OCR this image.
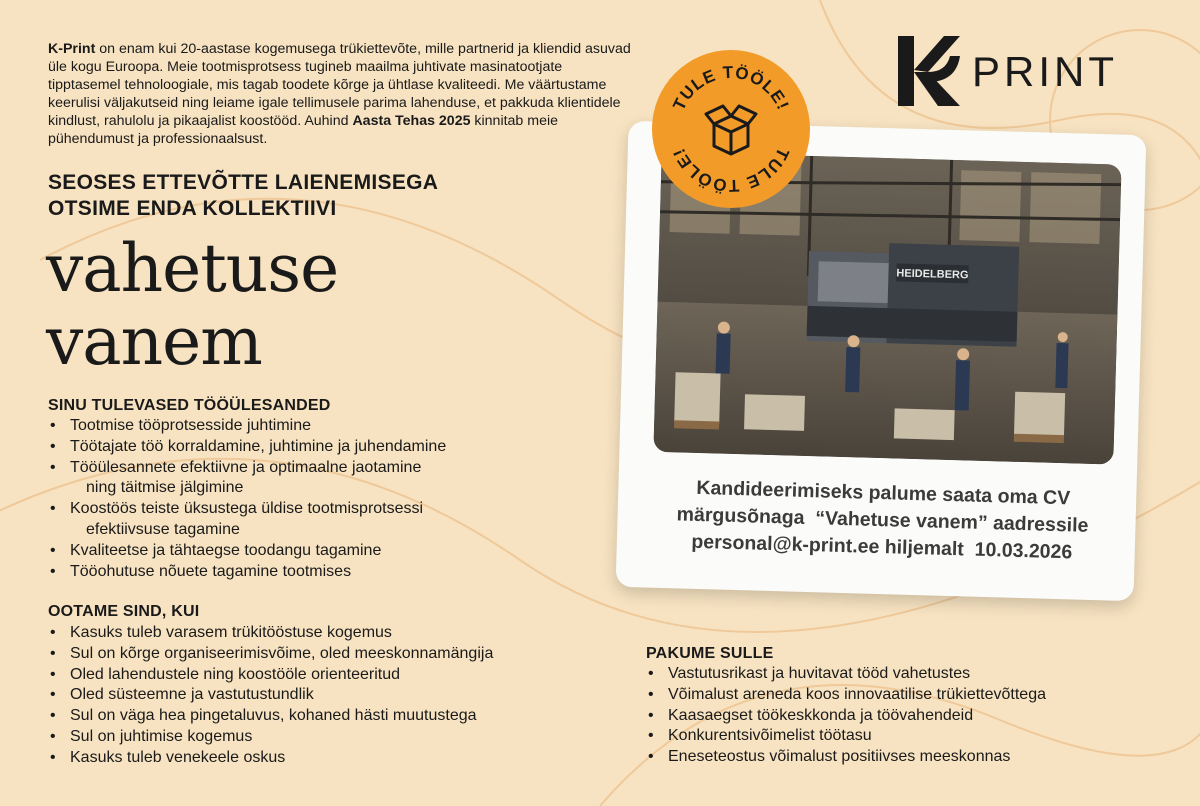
K-Print on enam kui 20-aastase kogemusega trükiettevõte, mille partnerid ja kliendid asuvad üle kogu Euroopa. Meie tootmisprotsess tugineb maailma juhtivate masinatootjate tipptasemel tehnoloogiale, mis tagab toodete kõrge ja ühtlase kvaliteedi. Me väärtustame keerulisi väljakutseid ning leiame igale tellimusele parima lahenduse, et pakkuda klientidele kindlust, rahulolu ja pikaajalist koostööd. Auhind Aasta Tehas 2025 kinnitab meie pühendumust ja professionaalsust.

SEOSES ETTEVÕTTE LAIENEMISEGA
OTSIME ENDA KOLLEKTIIVI
vahetuse
vanem
SINU TULEVASED TÖÖÜLESANDED
• Tootmise tööprotsesside juhtimine
• Töötajate töö korraldamine, juhtimine ja juhendamine
• Tööülesannete efektiivne ja optimaalne jaotamine
ning täitmise jälgimine
• Koostöös teiste üksustega üldise tootmisprotsessi
efektiivsuse tagamine
• Kvaliteetse ja tähtaegse toodangu tagamine
• Tööohutuse nõuete tagamine tootmises
OOTAME SIND, KUI
• Kasuks tuleb varasem trükitööstuse kogemus
• Sul on kõrge organiseerimisvõime, oled meeskonnamängija
• Oled lahendustele ning koostööle orienteeritud
• Oled süsteemne ja vastutustundlik
• Sul on väga hea pingetaluvus, kohaned hästi muutustega
• Sul on juhtimise kogemus
• Kasuks tuleb venekeele oskus
PAKUME SULLE
• Vastutusrikast ja huvitavat tööd vahetustes
• Võimalust areneda koos innovaatilise trükiettevõttega
• Kaasaegset töökeskkonda ja töövahendeid
• Konkurentsivõimelist töötasu
• Eneseteostus võimalust positiivses meeskonnas
PRINT
HEIDELBERG

Kandideerimiseks palume saata oma CV
märgusõnaga  “Vahetuse vanem” aadressile
personal@k-print.ee hiljemalt  10.03.2026

TULE TÖÖLE!
TULE TÖÖLE!
